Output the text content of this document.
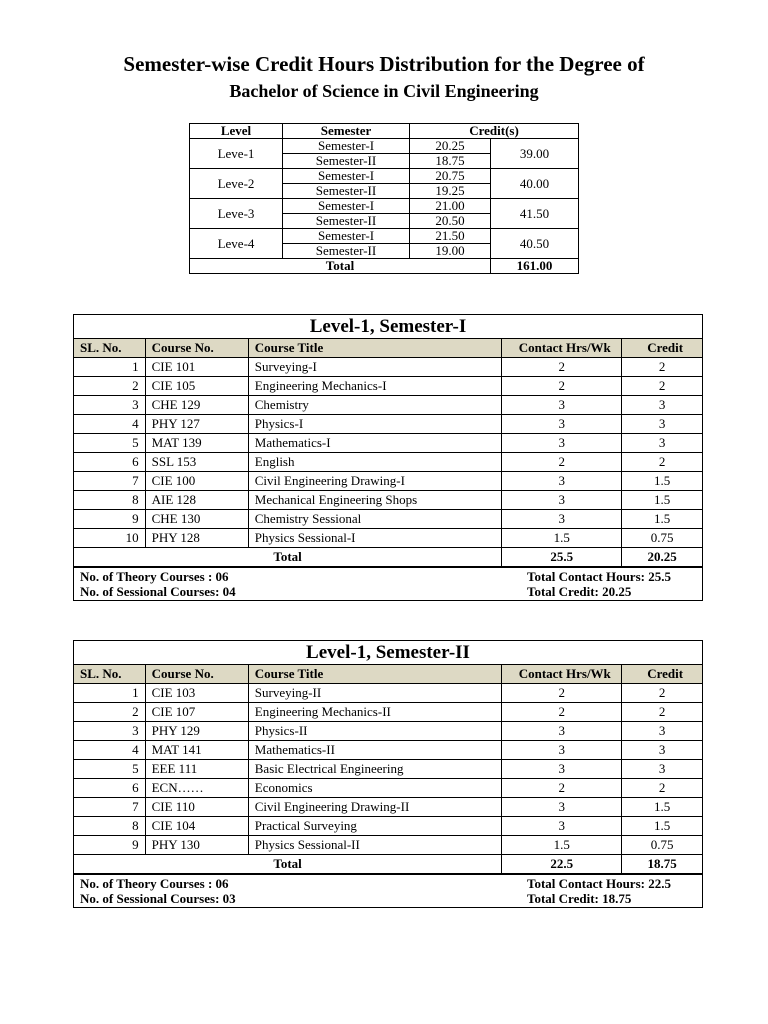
Semester-wise Credit Hours Distribution for the Degree of
Bachelor of Science in Civil Engineering
Level	Semester	Credit(s)	
Leve-1	Semester-I	20.25	39.00
	Semester-II	18.75	
Leve-2	Semester-I	20.75	40.00
	Semester-II	19.25	
Leve-3	Semester-I	21.00	41.50
	Semester-II	20.50	
Leve-4	Semester-I	21.50	40.50
	Semester-II	19.00	
Total			161.00
Level-1, Semester-I
SL. No.	Course No.	Course Title	Contact Hrs/Wk	Credit
1	CIE 101	Surveying-I	2	2
2	CIE 105	Engineering Mechanics-I	2	2
3	CHE 129	Chemistry	3	3
4	PHY 127	Physics-I	3	3
5	MAT 139	Mathematics-I	3	3
6	SSL 153	English	2	2
7	CIE 100	Civil Engineering Drawing-I	3	1.5
8	AIE 128	Mechanical Engineering Shops	3	1.5
9	CHE 130	Chemistry Sessional	3	1.5
10	PHY 128	Physics Sessional-I	1.5	0.75
Total			25.5	20.25
No. of Theory Courses : 06
No. of Sessional Courses: 04
Total Contact Hours: 25.5
Total Credit: 20.25
Level-1, Semester-II
SL. No.	Course No.	Course Title	Contact Hrs/Wk	Credit
1	CIE 103	Surveying-II	2	2
2	CIE 107	Engineering Mechanics-II	2	2
3	PHY 129	Physics-II	3	3
4	MAT 141	Mathematics-II	3	3
5	EEE 111	Basic Electrical Engineering	3	3
6	ECN……	Economics	2	2
7	CIE 110	Civil Engineering Drawing-II	3	1.5
8	CIE 104	Practical Surveying	3	1.5
9	PHY 130	Physics Sessional-II	1.5	0.75
Total			22.5	18.75
No. of Theory Courses : 06
No. of Sessional Courses: 03
Total Contact Hours: 22.5
Total Credit: 18.75
